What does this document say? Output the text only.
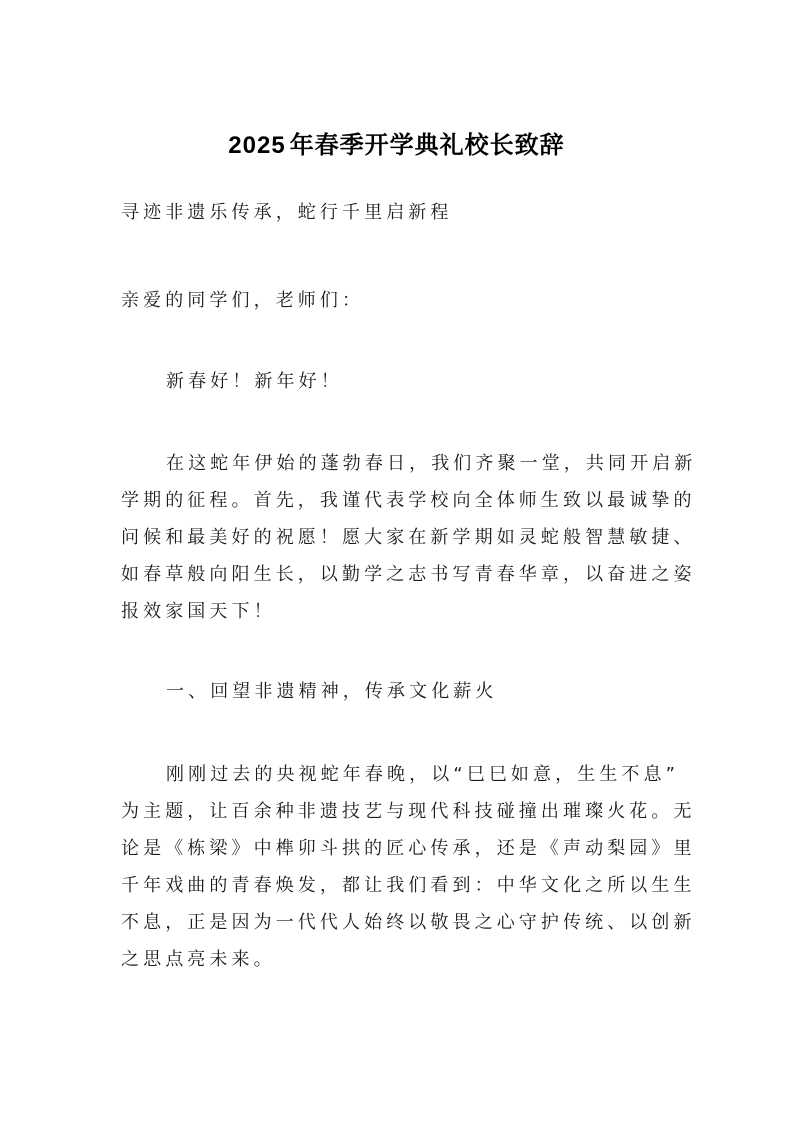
2025 年春季开学典礼校长致辞
寻迹非遗乐传承，蛇行千里启新程
亲爱的同学们，老师们：
新春好！新年好！
在这蛇年伊始的蓬勃春日，我们齐聚一堂，共同开启新
学期的征程。首先，我谨代表学校向全体师生致以最诚挚的
问候和最美好的祝愿！愿大家在新学期如灵蛇般智慧敏捷、
如春草般向阳生长，以勤学之志书写青春华章，以奋进之姿
报效家国天下！
一、回望非遗精神，传承文化薪火
刚刚过去的央视蛇年春晚，以“巳巳如意，生生不息”
为主题，让百余种非遗技艺与现代科技碰撞出璀璨火花。无
论是《栋梁》中榫卯斗拱的匠心传承，还是《声动梨园》里
千年戏曲的青春焕发，都让我们看到：中华文化之所以生生
不息，正是因为一代代人始终以敬畏之心守护传统、以创新
之思点亮未来。
